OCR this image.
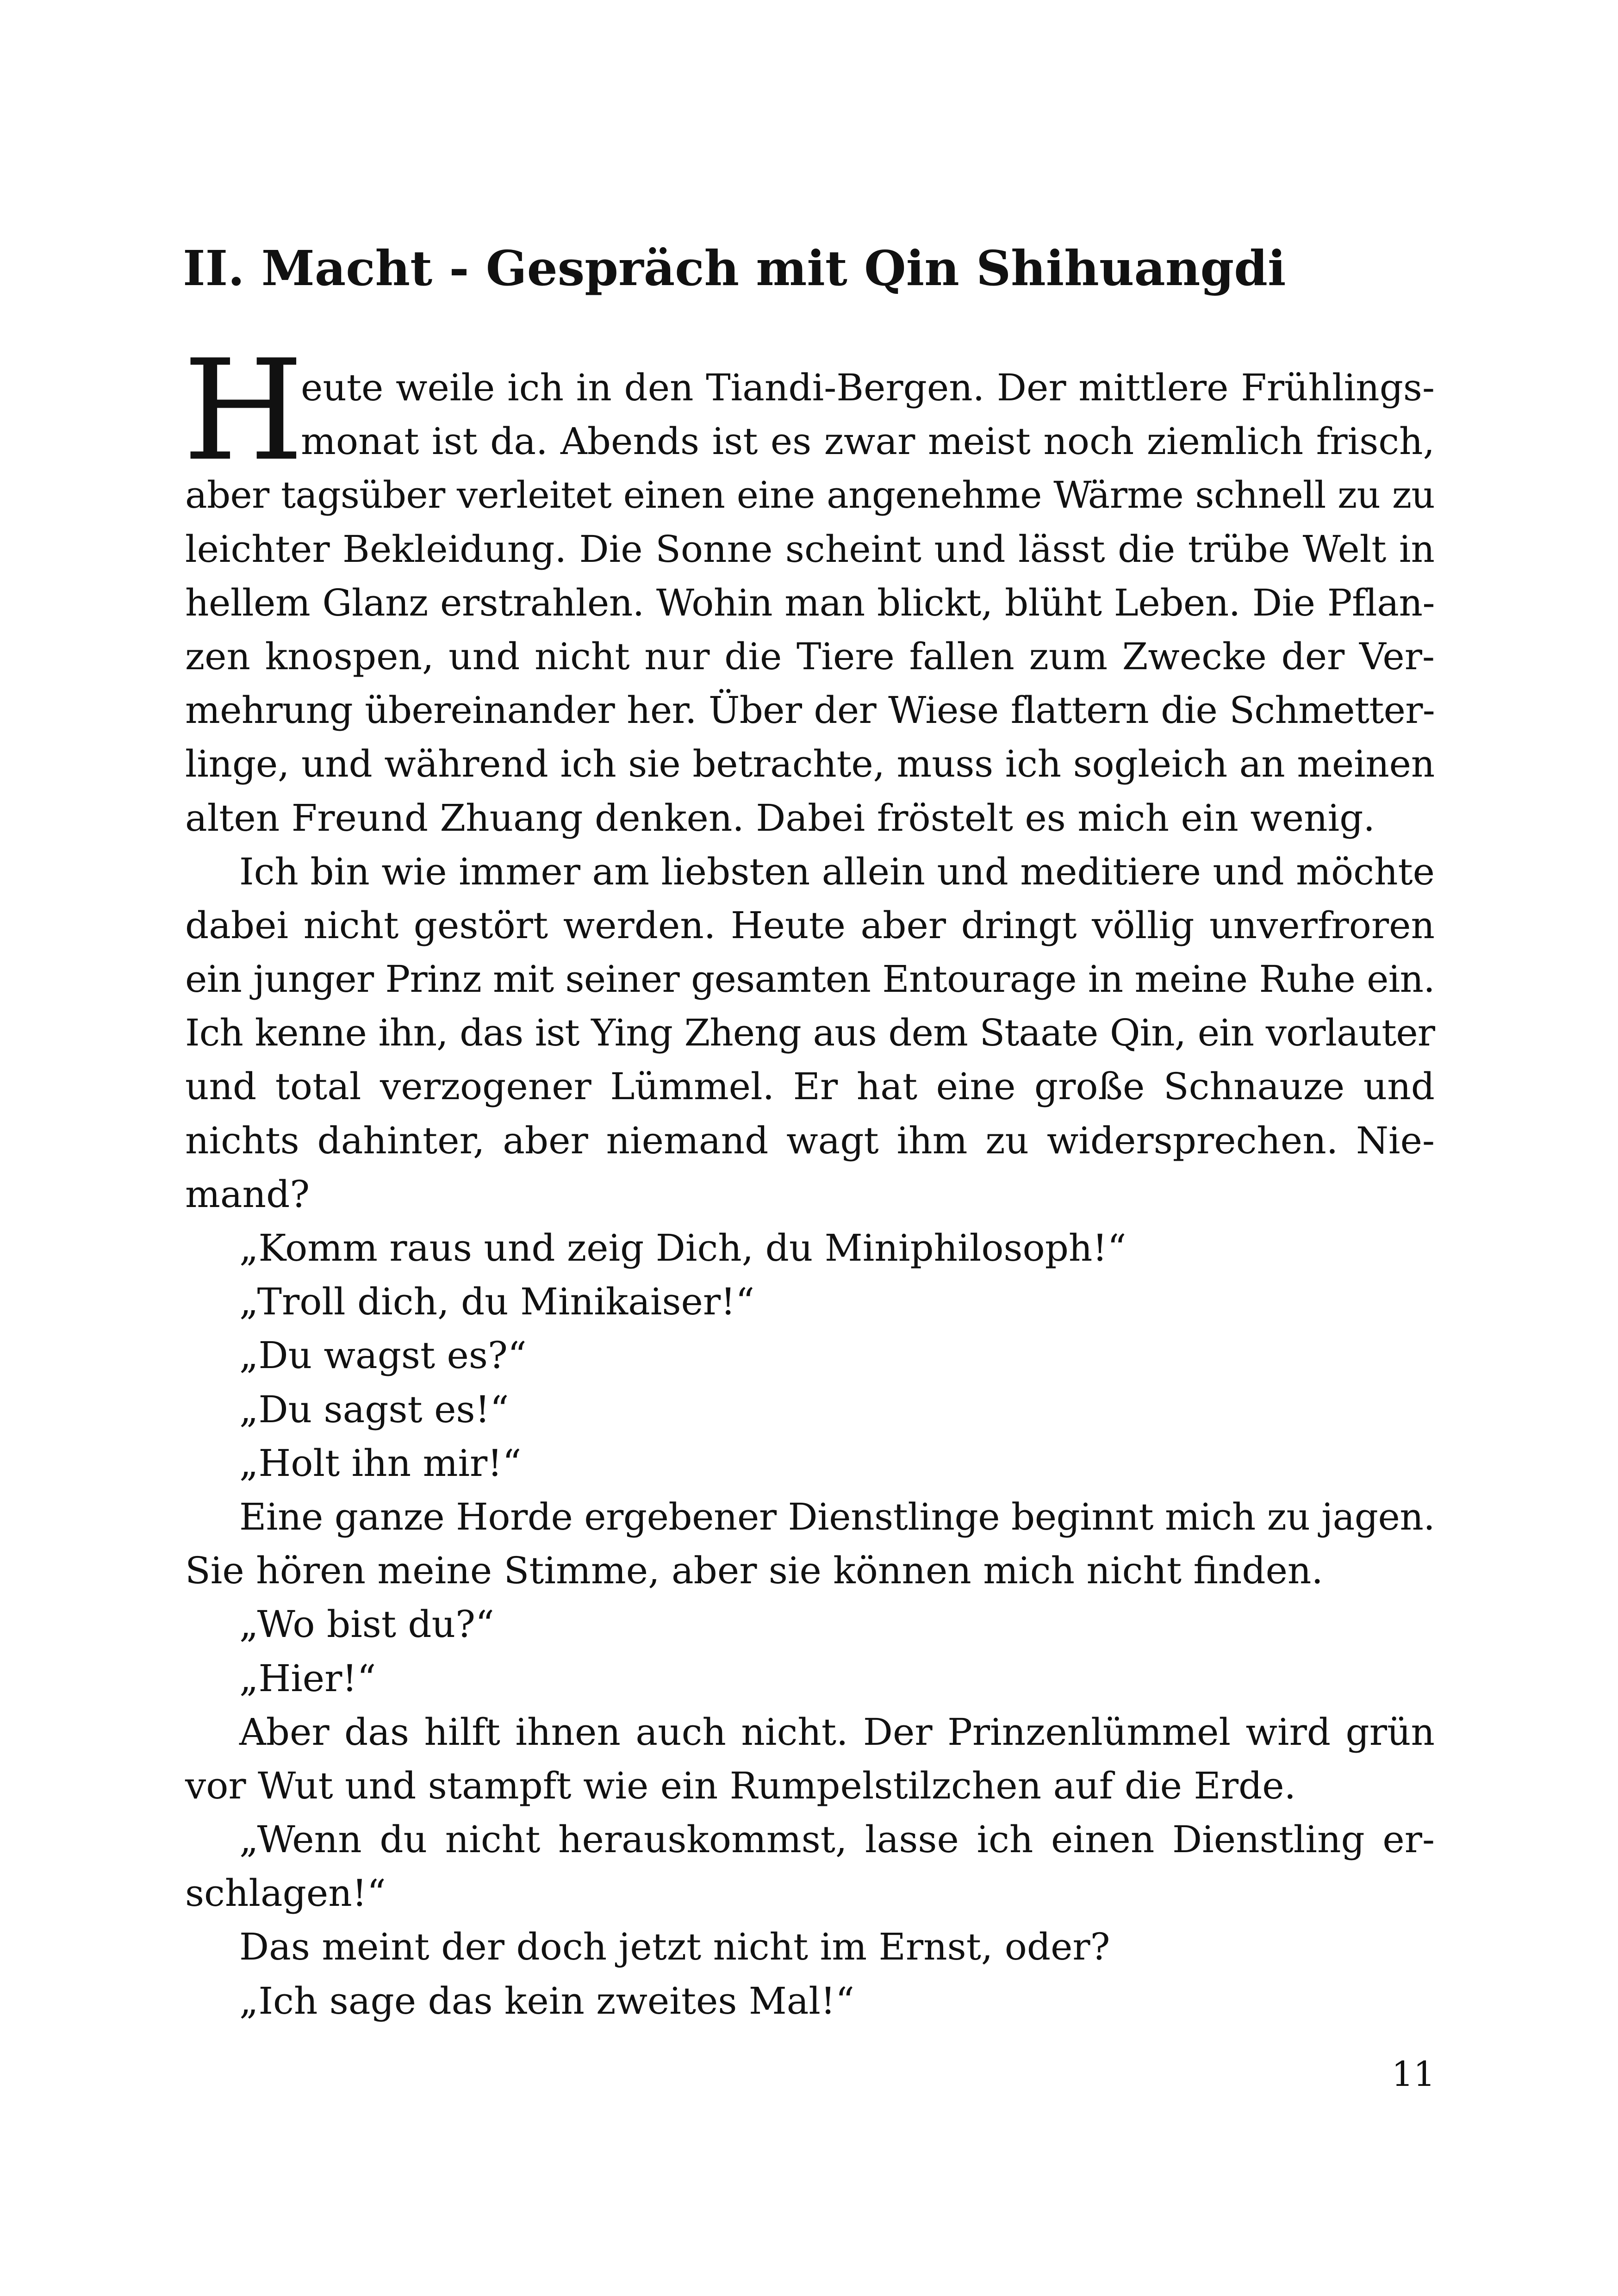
II. Macht - Gespräch mit Qin Shihuangdi
H
eute weile ich in den Tiandi-Bergen. Der mittlere Frühlings-
monat ist da. Abends ist es zwar meist noch ziemlich frisch,
aber tagsüber verleitet einen eine angenehme Wärme schnell zu zu
leichter Bekleidung. Die Sonne scheint und lässt die trübe Welt in
hellem Glanz erstrahlen. Wohin man blickt, blüht Leben. Die Pflan-
zen knospen, und nicht nur die Tiere fallen zum Zwecke der Ver-
mehrung übereinander her. Über der Wiese flattern die Schmetter-
linge, und während ich sie betrachte, muss ich sogleich an meinen
alten Freund Zhuang denken. Dabei fröstelt es mich ein wenig.
Ich bin wie immer am liebsten allein und meditiere und möchte
dabei nicht gestört werden. Heute aber dringt völlig unverfroren
ein junger Prinz mit seiner gesamten Entourage in meine Ruhe ein.
Ich kenne ihn, das ist Ying Zheng aus dem Staate Qin, ein vorlauter
und total verzogener Lümmel. Er hat eine große Schnauze und
nichts dahinter, aber niemand wagt ihm zu widersprechen. Nie-
mand?
„Komm raus und zeig Dich, du Miniphilosoph!“
„Troll dich, du Minikaiser!“
„Du wagst es?“
„Du sagst es!“
„Holt ihn mir!“
Eine ganze Horde ergebener Dienstlinge beginnt mich zu jagen.
Sie hören meine Stimme, aber sie können mich nicht finden.
„Wo bist du?“
„Hier!“
Aber das hilft ihnen auch nicht. Der Prinzenlümmel wird grün
vor Wut und stampft wie ein Rumpelstilzchen auf die Erde.
„Wenn du nicht herauskommst, lasse ich einen Dienstling er-
schlagen!“
Das meint der doch jetzt nicht im Ernst, oder?
„Ich sage das kein zweites Mal!“
11
